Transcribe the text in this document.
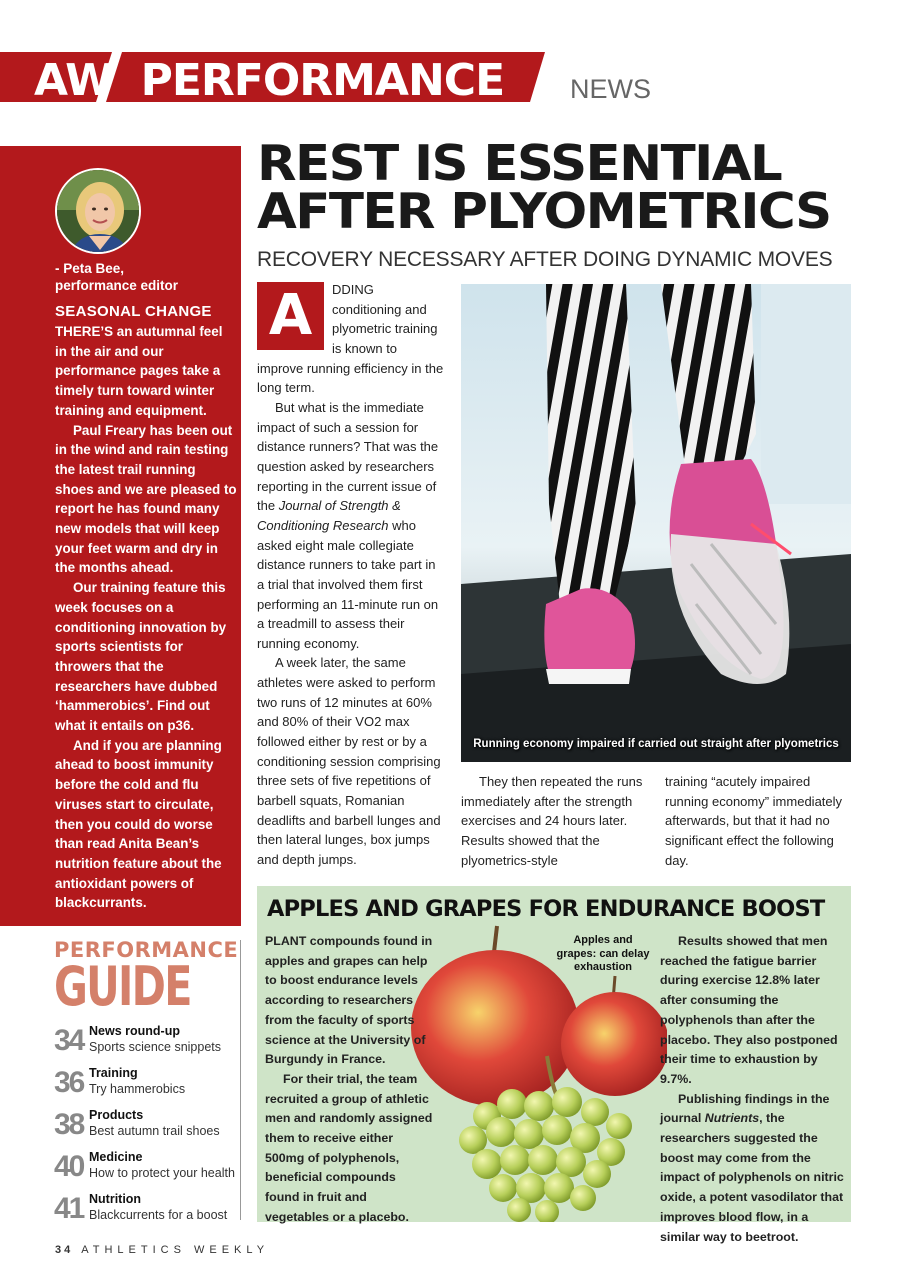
AW PERFORMANCE NEWS
- Peta Bee,
performance editor
SEASONAL CHANGE

THERE’S an autumnal feel in the air and our performance pages take a timely turn toward winter training and equipment.

Paul Freary has been out in the wind and rain testing the latest trail running shoes and we are pleased to report he has found many new models that will keep your feet warm and dry in the months ahead.

Our training feature this week focuses on a conditioning innovation by sports scientists for throwers that the researchers have dubbed ‘hammerobics’. Find out what it entails on p36.

And if you are planning ahead to boost immunity before the cold and flu viruses start to circulate, then you could do worse than read Anita Bean’s nutrition feature about the antioxidant powers of blackcurrants.

PERFORMANCE
GUIDE
34 News round-up
Sports science snippets
36 Training
Try hammerobics
38 Products
Best autumn trail shoes
40 Medicine
How to protect your health
41 Nutrition
Blackcurrents for a boost
REST IS ESSENTIAL
AFTER PLYOMETRICS
RECOVERY NECESSARY AFTER DOING DYNAMIC MOVES
A	DDING conditioning and plyometric training is known to improve running efficiency in the long term.

But what is the immediate impact of such a session for distance runners? That was the question asked by researchers reporting in the current issue of the Journal of Strength & Conditioning Research who asked eight male collegiate distance runners to take part in a trial that involved them first performing an 11-minute run on a treadmill to assess their running economy.

A week later, the same athletes were asked to perform two runs of 12 minutes at 60% and 80% of their VO2 max followed either by rest or by a conditioning session comprising three sets of five repetitions of barbell squats, Romanian deadlifts and barbell lunges and then lateral lunges, box jumps and depth jumps.

Running economy impaired if carried out straight after plyometrics

They then repeated the runs immediately after the strength exercises and 24 hours later. Results showed that the plyometrics-style

training “acutely impaired running economy” immediately afterwards, but that it had no significant effect the following day.

APPLES AND GRAPES FOR ENDURANCE BOOST
Apples and grapes: can delay exhaustion

PLANT compounds found in apples and grapes can help to boost endurance levels according to researchers from the faculty of sports science at the University of Burgundy in France.

For their trial, the team recruited a group of athletic men and randomly assigned them to receive either 500mg of polyphenols, beneficial compounds found in fruit and vegetables or a placebo.

Results showed that men reached the fatigue barrier during exercise 12.8% later after consuming the polyphenols than after the placebo. They also postponed their time to exhaustion by 9.7%.

Publishing findings in the journal Nutrients, the researchers suggested the boost may come from the impact of polyphenols on nitric oxide, a potent vasodilator that improves blood flow, in a similar way to beetroot.

34 ATHLETICS WEEKLY
